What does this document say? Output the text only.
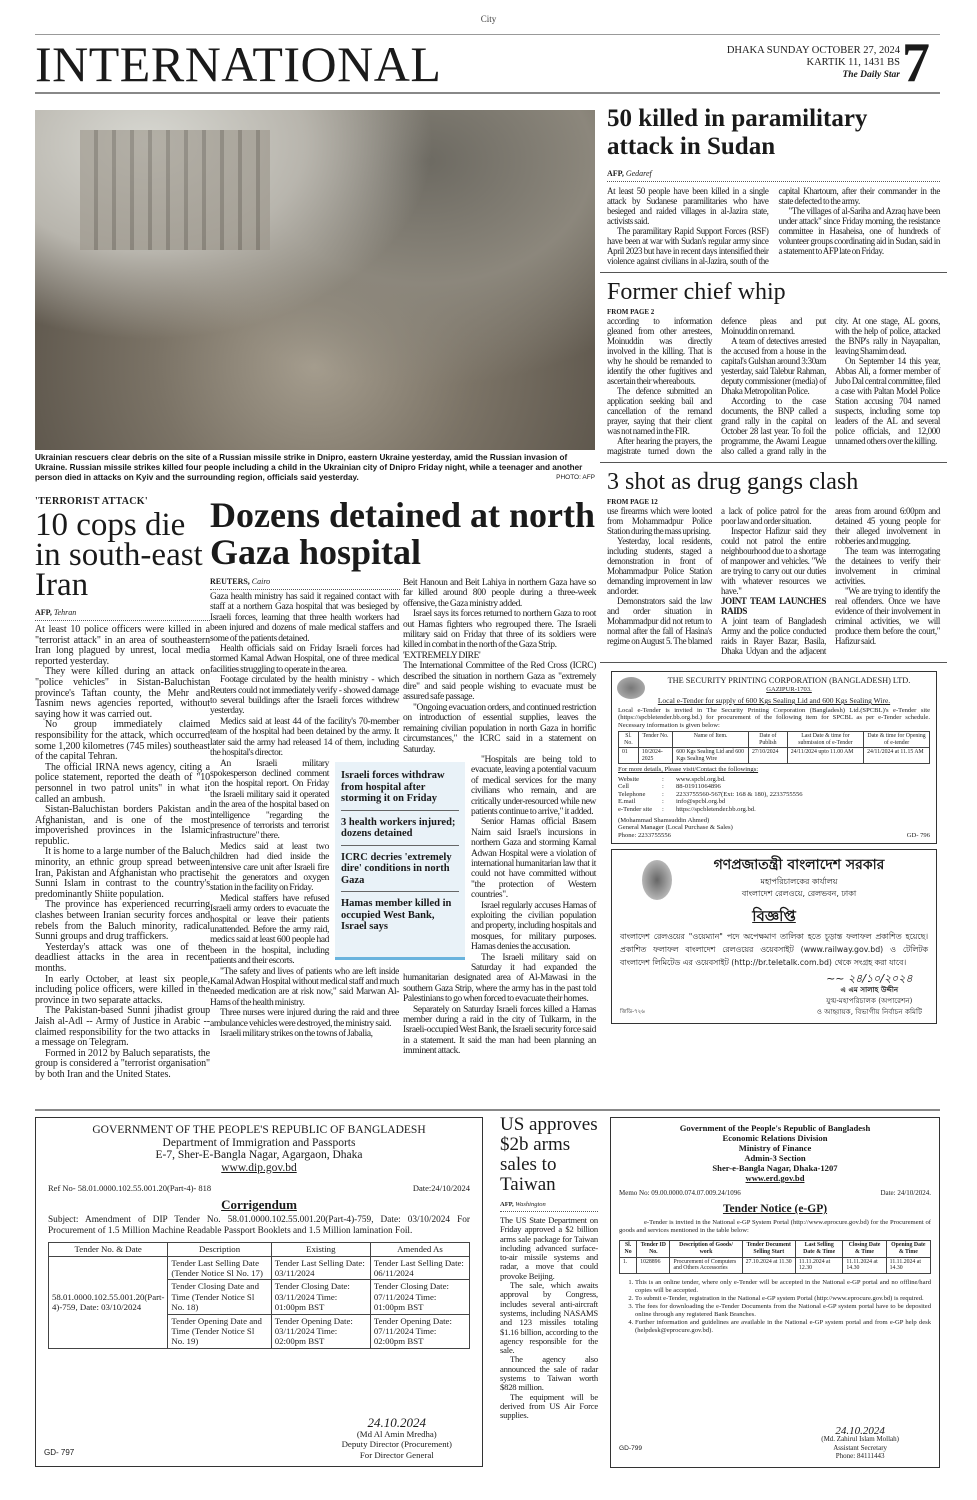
City
INTERNATIONAL	DHAKA SUNDAY OCTOBER 27, 2024
KARTIK 11, 1431 BS
The Daily Star 7
Ukrainian rescuers clear debris on the site of a Russian missile strike in Dnipro, eastern Ukraine yesterday, amid the Russian invasion of Ukraine. Russian missile strikes killed four people including a child in the Ukrainian city of Dnipro Friday night, while a teenager and another person died in attacks on Kyiv and the surrounding region, officials said yesterday.	PHOTO: AFP
50 killed in paramilitary attack in Sudan
AFP, Gedaref

At least 50 people have been killed in a single attack by Sudanese paramilitaries who have besieged and raided villages in al-Jazira state, activists said.

The paramilitary Rapid Support Forces (RSF) have been at war with Sudan's regular army since April 2023 but have in recent days intensified their violence against civilians in al-Jazira, south of the capital Khartoum, after their commander in the state defected to the army.

"The villages of al-Sariha and Azraq have been under attack" since Friday morning, the resistance committee in Hasaheisa, one of hundreds of volunteer groups coordinating aid in Sudan, said in a statement to AFP late on Friday.

Former chief whip
FROM PAGE 2

according to information gleaned from other arrestees, Moinuddin was directly involved in the killing. That is why he should be remanded to identify the other fugitives and ascertain their whereabouts.

The defence submitted an application seeking bail and cancellation of the remand prayer, saying that their client was not named in the FIR.

After hearing the prayers, the magistrate turned down the defence pleas and put Moinuddin on remand.

A team of detectives arrested the accused from a house in the capital's Gulshan around 3:30am yesterday, said Talebur Rahman, deputy commissioner (media) of Dhaka Metropolitan Police.

According to the case documents, the BNP called a grand rally in the capital on October 28 last year. To foil the programme, the Awami League also called a grand rally in the city. At one stage, AL goons, with the help of police, attacked the BNP's rally in Nayapaltan, leaving Shamim dead.

On September 14 this year, Abbas Ali, a former member of Jubo Dal central committee, filed a case with Paltan Model Police Station accusing 704 named suspects, including some top leaders of the AL and several police officials, and 12,000 unnamed others over the killing.

3 shot as drug gangs clash
FROM PAGE 12

use firearms which were looted from Mohammadpur Police Station during the mass uprising.

Yesterday, local residents, including students, staged a demonstration in front of Mohammadpur Police Station demanding improvement in law and order.

Demonstrators said the law and order situation in Mohammadpur did not return to normal after the fall of Hasina's regime on August 5. The blamed a lack of police patrol for the poor law and order situation.

Inspector Hafizur said they could not patrol the entire neighbourhood due to a shortage of manpower and vehicles. "We are trying to carry out our duties with whatever resources we have."

JOINT TEAM LAUNCHES RAIDS

A joint team of Bangladesh Army and the police conducted raids in Rayer Bazar, Basila, Dhaka Udyan and the adjacent areas from around 6:00pm and detained 45 young people for their alleged involvement in robberies and mugging.

The team was interrogating the detainees to verify their involvement in criminal activities.

"We are trying to identify the real offenders. Once we have evidence of their involvement in criminal activities, we will produce them before the court," Hafizur said.

THE SECURITY PRINTING CORPORATION (BANGLADESH) LTD.
GAZIPUR-1703.
Local e-Tender for supply of 600 Kgs Sealing Lid and 600 Kgs Sealing Wire.
Local e-Tender is invited in The Security Printing Corporation (Bangladesh) Ltd.(SPCBL)'s e-Tender site (https://spcbletender.bb.org.bd.) for procurement of the following item for SPCBL as per e-Tender schedule. Necessary information is given below:
Sl. No.	Tender No.	Name of Item.	Date of Publish	Last Date & time for submission of e-Tender	Date & time for Opening of e-tender
01	10/2024-2025	600 Kgs Sealing Lid and 600 Kgs Sealing Wire	27/10/2024	24/11/2024 upto 11.00 AM	24/11/2024 at 11.15 AM
For more details, Please visit/Contact the followings:
Website	:	www.spcbl.org.bd.
Cell	:	88-01911064896
Telephone	:	2233755560-567(Ext: 168 & 180), 2233755556
E.mail	:	info@spcbl.org.bd
e-Tender site	:	https://spcbletender.bb.org.bd.
(Mohammad Shamsuddin Ahmed)
General Manager (Local Purchase & Sales)
Phone: 2233755556	GD- 796
গণপ্রজাতন্ত্রী বাংলাদেশ সরকার
মহাপরিচালকের কার্যালয়
বাংলাদেশ রেলওয়ে, রেলভবন, ঢাকা
বিজ্ঞপ্তি
বাংলাদেশ রেলওয়ের "ওয়েম্যান" পদে অপেক্ষমাণ তালিকা হতে চূড়ান্ত ফলাফল প্রকাশিত হয়েছে। প্রকাশিত ফলাফল বাংলাদেশ রেলওয়ের ওয়েবসাইট (www.railway.gov.bd) ও টেলিটক বাংলাদেশ লিমিটেড এর ওয়েবসাইট (http://br.teletalk.com.bd) থেকে সংগ্রহ করা যাবে।
জিডি-৭২৬
~~ ২৪/১০/২০২৪
এ এম সালাহ উদ্দীন
যুগ্ম-মহাপরিচালক (অপারেশন)
ও আহ্বায়ক, বিভাগীয় নির্বাচন কমিটি
'TERRORIST ATTACK'
10 cops die in south-east Iran
AFP, Tehran

At least 10 police officers were killed in a "terrorist attack" in an area of southeastern Iran long plagued by unrest, local media reported yesterday.

They were killed during an attack on "police vehicles" in Sistan-Baluchistan province's Taftan county, the Mehr and Tasnim news agencies reported, without saying how it was carried out.

No group immediately claimed responsibility for the attack, which occurred some 1,200 kilometres (745 miles) southeast of the capital Tehran.

The official IRNA news agency, citing a police statement, reported the death of "10 personnel in two patrol units" in what it called an ambush.

Sistan-Baluchistan borders Pakistan and Afghanistan, and is one of the most impoverished provinces in the Islamic republic.

It is home to a large number of the Baluch minority, an ethnic group spread between Iran, Pakistan and Afghanistan who practise Sunni Islam in contrast to the country's predominantly Shiite population.

The province has experienced recurring clashes between Iranian security forces and rebels from the Baluch minority, radical Sunni groups and drug traffickers.

Yesterday's attack was one of the deadliest attacks in the area in recent months.

In early October, at least six people, including police officers, were killed in the province in two separate attacks.

The Pakistan-based Sunni jihadist group Jaish al-Adl -- Army of Justice in Arabic -- claimed responsibility for the two attacks in a message on Telegram.

Formed in 2012 by Baluch separatists, the group is considered a "terrorist organisation" by both Iran and the United States.

Dozens detained at north Gaza hospital
REUTERS, Cairo

Gaza health ministry has said it regained contact with staff at a northern Gaza hospital that was besieged by Israeli forces, learning that three health workers had been injured and dozens of male medical staffers and some of the patients detained.

Health officials said on Friday Israeli forces had stormed Kamal Adwan Hospital, one of three medical facilities struggling to operate in the area.

Footage circulated by the health ministry - which Reuters could not immediately verify - showed damage to several buildings after the Israeli forces withdrew yesterday.

Medics said at least 44 of the facility's 70-member team of the hospital had been detained by the army. It later said the army had released 14 of them, including the hospital's director.

An Israeli military spokesperson declined comment on the hospital report. On Friday the Israeli military said it operated in the area of the hospital based on intelligence "regarding the presence of terrorists and terrorist infrastructure" there.

Medics said at least two children had died inside the intensive care unit after Israeli fire hit the generators and oxygen station in the facility on Friday.

Medical staffers have refused Israeli army orders to evacuate the hospital or leave their patients unattended. Before the army raid, medics said at least 600 people had been in the hospital, including patients and their escorts.

"The safety and lives of patients who are left inside Kamal Adwan Hospital without medical staff and much needed medication are at risk now," said Marwan Al-Hams of the health ministry.

Three nurses were injured during the raid and three ambulance vehicles were destroyed, the ministry said.

Israeli military strikes on the towns of Jabalia,

Beit Hanoun and Beit Lahiya in northern Gaza have so far killed around 800 people during a three-week offensive, the Gaza ministry added.

Israel says its forces returned to northern Gaza to root out Hamas fighters who regrouped there. The Israeli military said on Friday that three of its soldiers were killed in combat in the north of the Gaza Strip.

'EXTREMELY DIRE'

The International Committee of the Red Cross (ICRC) described the situation in northern Gaza as "extremely dire" and said people wishing to evacuate must be assured safe passage.

"Ongoing evacuation orders, and continued restriction on introduction of essential supplies, leaves the remaining civilian population in north Gaza in horrific circumstances," the ICRC said in a statement on Saturday.

"Hospitals are being told to evacuate, leaving a potential vacuum of medical services for the many civilians who remain, and are critically under-resourced while new patients continue to arrive," it added.

Senior Hamas official Basem Naim said Israel's incursions in northern Gaza and storming Kamal Adwan Hospital were a violation of international humanitarian law that it could not have committed without "the protection of Western countries".

Israel regularly accuses Hamas of exploiting the civilian population and property, including hospitals and mosques, for military purposes. Hamas denies the accusation.

The Israeli military said on Saturday it had expanded the humanitarian designated area of Al-Mawasi in the southern Gaza Strip, where the army has in the past told Palestinians to go when forced to evacuate their homes.

Separately on Saturday Israeli forces killed a Hamas member during a raid in the city of Tulkarm, in the Israeli-occupied West Bank, the Israeli security force said in a statement. It said the man had been planning an imminent attack.

Israeli forces withdraw from hospital after storming it on Friday
3 health workers injured; dozens detained
ICRC decries 'extremely dire' conditions in north Gaza
Hamas member killed in occupied West Bank, Israel says
GOVERNMENT OF THE PEOPLE'S REPUBLIC OF BANGLADESH
Department of Immigration and Passports
E-7, Sher-E-Bangla Nagar, Agargaon, Dhaka
www.dip.gov.bd
Ref No- 58.01.0000.102.55.001.20(Part-4)- 818	Date:24/10/2024
Corrigendum
Subject: Amendment of DIP Tender No. 58.01.0000.102.55.001.20(Part-4)-759, Date: 03/10/2024 For Procurement of 1.5 Million Machine Readable Passport Booklets and 1.5 Million lamination Foil.
Tender No. & Date	Description	Existing	Amended As
58.01.0000.102.55.001.20(Part-4)-759, Date: 03/10/2024	Tender Last Selling Date (Tender Notice Sl No. 17)	Tender Last Selling Date: 03/11/2024	Tender Last Selling Date: 06/11/2024
	Tender Closing Date and Time (Tender Notice Sl No. 18)	Tender Closing Date: 03/11/2024 Time: 01:00pm BST	Tender Closing Date: 07/11/2024 Time: 01:00pm BST
	Tender Opening Date and Time (Tender Notice Sl No. 19)	Tender Opening Date: 03/11/2024 Time: 02:00pm BST	Tender Opening Date: 07/11/2024 Time: 02:00pm BST
24.10.2024
(Md Al Amin Mredha)
Deputy Director (Procurement)
For Director General
GD- 797
US approves $2b arms sales to Taiwan
AFP, Washington

The US State Department on Friday approved a $2 billion arms sale package for Taiwan including advanced surface-to-air missile systems and radar, a move that could provoke Beijing.

The sale, which awaits approval by Congress, includes several anti-aircraft systems, including NASAMS and 123 missiles totaling $1.16 billion, according to the agency responsible for the sale.

The agency also announced the sale of radar systems to Taiwan worth $828 million.

The equipment will be derived from US Air Force supplies.

Government of the People's Republic of Bangladesh
Economic Relations Division
Ministry of Finance
Admin-3 Section
Sher-e-Bangla Nagar, Dhaka-1207
www.erd.gov.bd
Memo No: 09.00.0000.074.07.009.24/1096	Date: 24/10/2024.
Tender Notice (e-GP)
e-Tender is invited in the National e-GP System Portal (http://www.eprocure.gov.bd) for the Procurement of goods and services mentioned in the table below:
Sl. No	Tender ID No.	Description of Goods/ work	Tender Document Selling Start	Last Selling Date & Time	Closing Date & Time	Opening Date & Time
1.	1028896	Procurement of Computers and Others Accessories	27.10.2024 at 11.30	11.11.2024 at 12.30	11.11.2024 at 14.30	11.11.2024 at 14.30
1. This is an online tender, where only e-Tender will be accepted in the National e-GP portal and no offline/hard copies will be accepted.
2. To submit e-Tender, registration in the National e-GP system Portal (http://www.eprocure.gov.bd) is required.
3. The fees for downloading the e-Tender Documents from the National e-GP system portal have to be deposited online through any registered Bank Branches.
4. Further information and guidelines are available in the National e-GP system portal and from e-GP help desk (helpdesk@eprocure.gov.bd).
24.10.2024
(Md. Zahirul Islam Mollah)
Assistant Secretary
Phone: 84111443
GD-799
